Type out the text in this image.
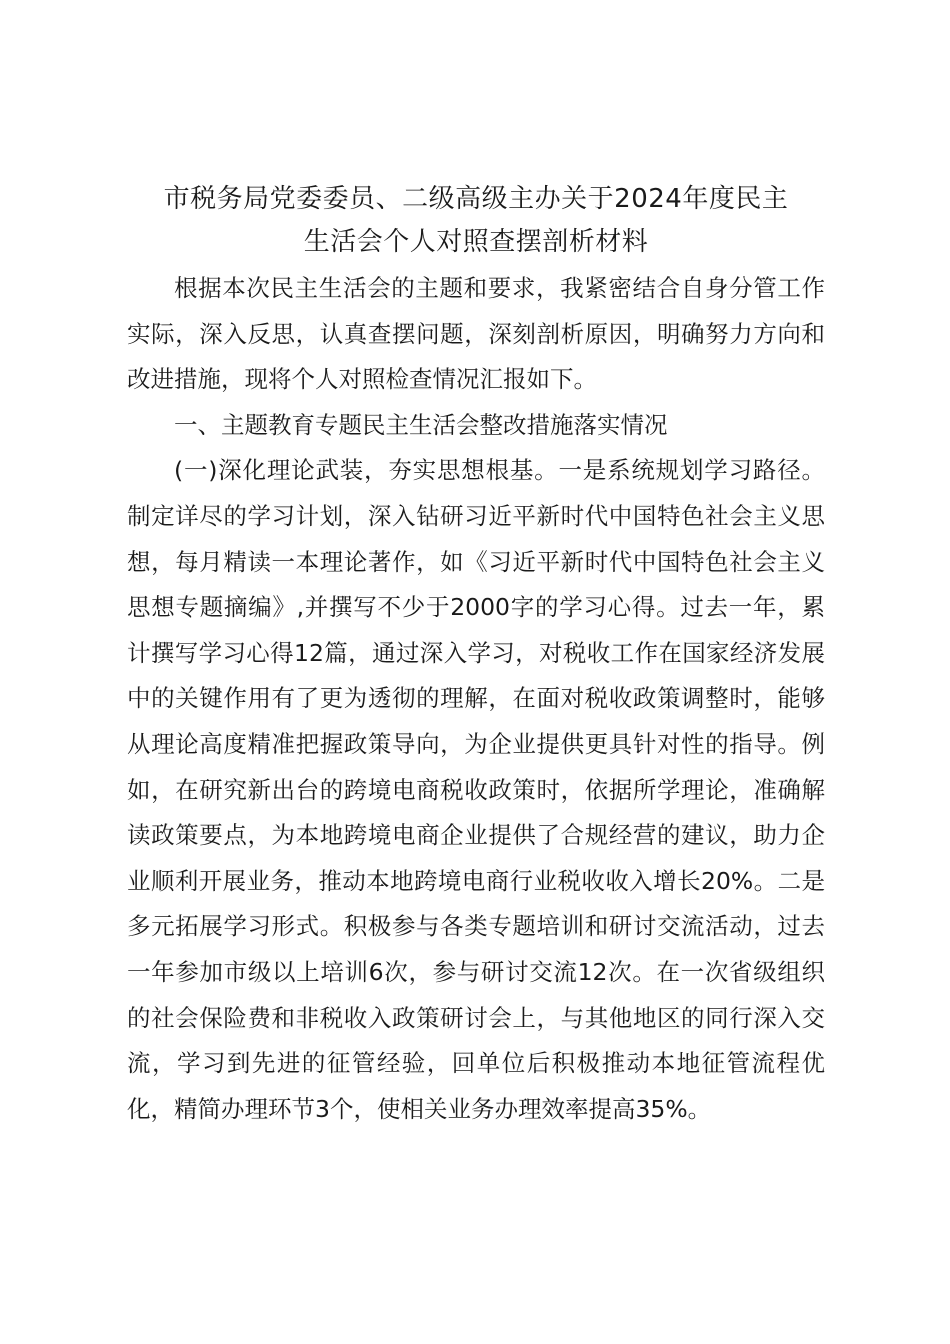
市税务局党委委员、二级高级主办关于2024年度民主
生活会个人对照查摆剖析材料

根据本次民主生活会的主题和要求，我紧密结合自身分管工作实际，深入反思，认真查摆问题，深刻剖析原因，明确努力方向和改进措施，现将个人对照检查情况汇报如下。

一、主题教育专题民主生活会整改措施落实情况

(一)深化理论武装，夯实思想根基。一是系统规划学习路径。制定详尽的学习计划，深入钻研习近平新时代中国特色社会主义思想，每月精读一本理论著作，如《习近平新时代中国特色社会主义思想专题摘编》,并撰写不少于2000字的学习心得。过去一年，累计撰写学习心得12篇，通过深入学习，对税收工作在国家经济发展中的关键作用有了更为透彻的理解，在面对税收政策调整时，能够从理论高度精准把握政策导向，为企业提供更具针对性的指导。例如，在研究新出台的跨境电商税收政策时，依据所学理论，准确解读政策要点，为本地跨境电商企业提供了合规经营的建议，助力企业顺利开展业务，推动本地跨境电商行业税收收入增长20%。二是多元拓展学习形式。积极参与各类专题培训和研讨交流活动，过去一年参加市级以上培训6次，参与研讨交流12次。在一次省级组织的社会保险费和非税收入政策研讨会上，与其他地区的同行深入交流，学习到先进的征管经验，回单位后积极推动本地征管流程优化，精简办理环节3个，使相关业务办理效率提高35%。
